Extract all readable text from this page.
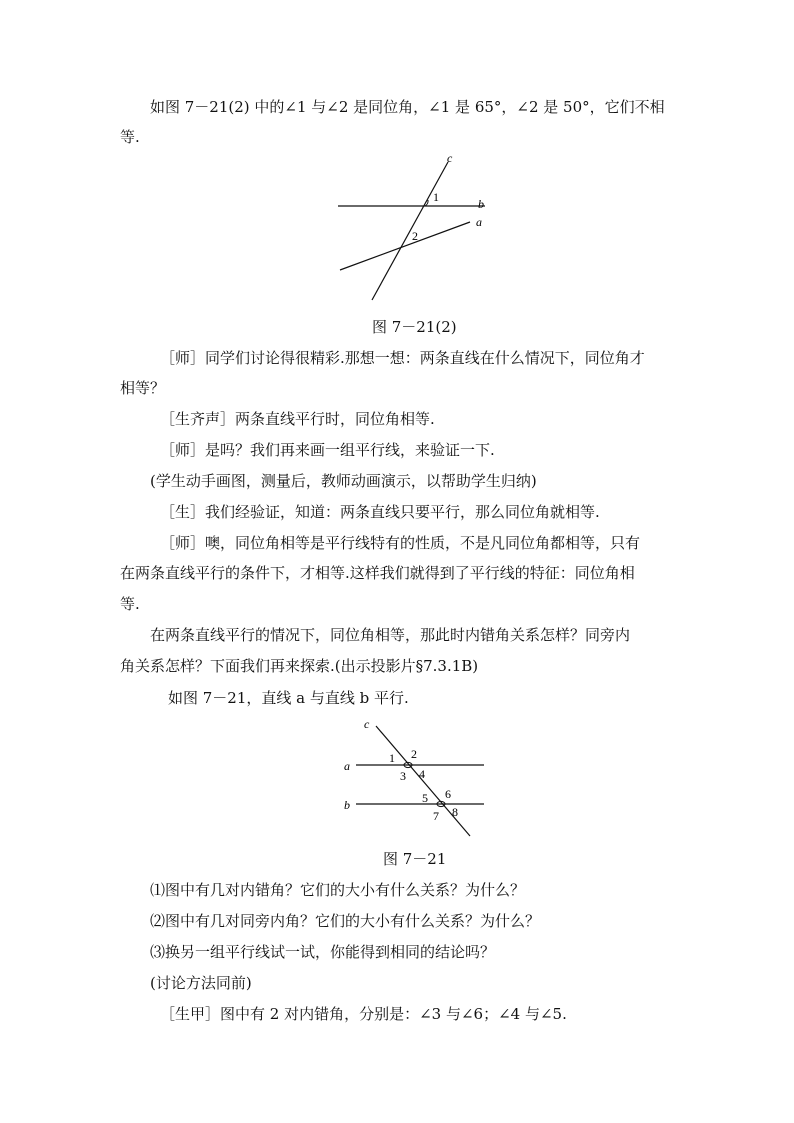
如图 7－21(2) 中的∠1 与∠2 是同位角，∠1 是 65°，∠2 是 50°，它们不相
等.
c
b
a
1
2
图 7－21(2)
［师］同学们讨论得很精彩.那想一想：两条直线在什么情况下，同位角才
相等？
［生齐声］两条直线平行时，同位角相等.
［师］是吗？我们再来画一组平行线，来验证一下.
(学生动手画图，测量后，教师动画演示，以帮助学生归纳)
［生］我们经验证，知道：两条直线只要平行，那么同位角就相等.
［师］噢，同位角相等是平行线特有的性质，不是凡同位角都相等，只有
在两条直线平行的条件下，才相等.这样我们就得到了平行线的特征：同位角相
等.
在两条直线平行的情况下，同位角相等，那此时内错角关系怎样？同旁内
角关系怎样？下面我们再来探索.(出示投影片§7.3.1B)
如图 7－21，直线 a 与直线 b 平行.
c
a
b
1 2
3 4
5 6
7 8
图 7－21
⑴图中有几对内错角？它们的大小有什么关系？为什么？
⑵图中有几对同旁内角？它们的大小有什么关系？为什么？
⑶换另一组平行线试一试，你能得到相同的结论吗？
(讨论方法同前)
［生甲］图中有 2 对内错角，分别是：∠3 与∠6；∠4 与∠5.
